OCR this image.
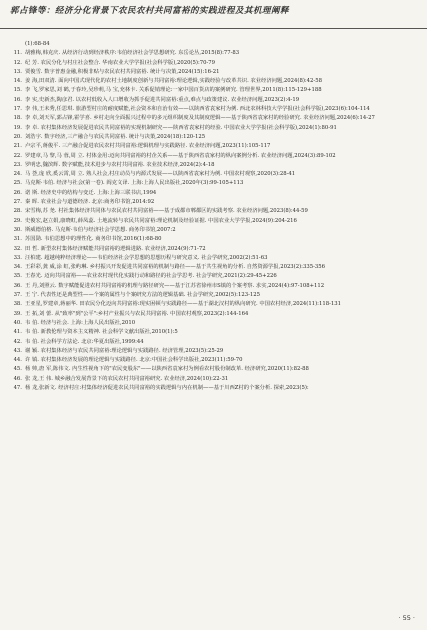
郭占锋等：经济分化背景下农民农村共同富裕的实践进程及其机理阐释
(1):68-84
11. 胡雅梅,韩克庆. 从经济行动到经济秩序:韦伯经济社会学思想研究. 东岳论丛,2015(8):77-83
12. 纪 芳. 农民分化与村庄社会整合. 华南农业大学学报(社会科学版),2020(5):70-79
13. 贾俊雪. 数字普惠金融,积极非贴与农民农村共同富裕. 统计与决策,2024(15):16-21
14. 姜 海,田双清. 面向中国式现代化的农村土地制度创新与共同富裕:理论逻辑,实践经验与改革共识. 农业经济问题,2024(8):42-58
15. 李 飞,罗家思,刘 鹤,于春玲,吴珍莉,马 宝,充林卡. 关系促销理论:一家中国百货店的案例研究. 管理世界,2011(8):115-129+188
16. 李 实,史新杰,陶彦君. 以农村低收入人口增收为抓手促进共同富裕:重点,难点与政策建议. 农业经济问题,2023(2):4-19
17. 李 伟,王未秀,任思琪. 旅游型村庄的耐度赋能,社会资本和自治有效——以陕西省袁家村为例. 西北农林科技大学学报(社会科学版),2023(6):104-114
18. 李 卓,刘天军,郭占锋,霍学喜. 乡村走向全面振兴过程中的多元组织制度及其制度逻辑——基于陕西省袁家村的经验研究. 农业经济问题,2024(6):14-27
19. 李 卓. 农村集体经济发展促进农民共同富裕的实现机制研究——陕西省袁家村的经验. 中国农业大学学报(社会科学版),2024(1):80-91
20. 刘浩宇. 数字经济,三产融合与农民共同富裕. 统计与决策,2024(18):120-125
21. 卢宗平,蒋俊平. 三产融合促进农民农村共同富裕:逻辑机理与实践路径. 农业经济问题,2023(11):105-117
22. 罗建章,马 黎,马 蓉,周 立. 村体金用:迈向共同富裕的村企关系——基于陕西省袁家村的纵向案例分析. 农业经济问题,2024(3):89-102
23. 罗明忠,魏滨辉. 数字赋能,技术进步与农村共同富裕. 农业技术经济,2024(2):4-18
24. 马 荟,庞 欣,奚云霄,周 立. 熟人社会,村庄动员与内源式发展——以陕西省袁家村为例. 中国农村观察,2020(3):28-41
25. 马克斯·韦伯. 经济与社会(第一卷). 阎克文译. 上海:上海人民出版社,2020年(3):99-105+113
26. 诺 斯. 经济史中的结构与变迁. 上海:上海三联书店,1994
27. 秦 晖. 农业社会与道德经济. 北京:商务印书馆,2014:92
28. 宋雪梅,苏 尧. 村社集体经济共同体与农民农村共同富裕——基于成都市郫都区的实践考察. 农业经济问题,2023(8):44-59
29. 史俊宏,赵立娟,康晓虹,薛凤蕊. 土地流转与农民共同富裕:理论机制及经验证据. 中国农业大学学报,2024(9):204-216
30. 斯威德伯格. 马克斯·韦伯与经济社会学思想. 商务印书馆,2007:2
31. 苏国勋. 韦伯思想中的理性化. 商务印书馆,2016(1):68-80
32. 田 哲. 新型农村集体经济赋能共同富裕的逻辑进路. 农业经济,2024(9):71-72
33. 汪柏建. 超越纯粹经济理论——韦伯经济社会学思想的思想历程与研究意义. 社会学研究,2002(2):51-63
34. 王彩彩,龚 威,涂 虹,张屿琳. 乡村振兴开发促进共同富裕的机制与路径——基于共生视角的分析. 自然资源学报,2023(2):335-356
35. 王春光. 迈向共同富裕——农业农村现代化实践行动和路径的社会学思考. 社会学研究,2021(2):29-45+226
36. 王 丹,刘照云. 数字赋能促进农村共同富裕的机理与路径研究——基于江苏省徐州市S镇的个案考察. 求实,2024(4):97-108+112
37. 王 宁. 代表性还是典型性——个案的属性与个案研究方法的逻辑基础. 社会学研究,2002(5):123-125
38. 王亚星,罗建章,蒋丽华. 田农民分化迈向共同富裕:现实困顿与实践路径——基于湖北汉村的纵向研究. 中国农村经济,2024(11):118-131
39. 王 拓,刘 蕾. 从"致率"到"公平":乡村产业振兴与农民共同富裕. 中国农村观察,2023(2):144-164
40. 韦 伯. 经济与社会. 上海:上海人民出版社,2010
41. 韦 伯. 新教伦理与资本主义精神. 社会科学文献出版社,2010(1):5
42. 韦 伯. 社会科学方法论. 北京:华夏出版社,1999:44
43. 谢 颖. 农村集体经济与农民共同富裕:理论逻辑与实践路径. 经济管理,2023(5):25-29
44. 许 镇. 农村集体经济发展的理论逻辑与实践路径. 北京:中国社会科学出版社,2023(11):59-70
45. 杨 帅,唐 军,陈伟文. 内生性视角下的"农民变股东"——以陕西省袁家村为例看农村股份制改革. 经济研究,2020(11):82-88
46. 张 龙,王 伟. 城乡融合发展背景下的农民农村共同富裕研究. 农业经济,2024(10):22-31
47. 杨 龙,张新文. 经济村庄:村集体经济促进农民共同富裕的实践逻辑与内在机制——基于川西Z村的个案分析. 探索,2023(5):
· 55 ·
